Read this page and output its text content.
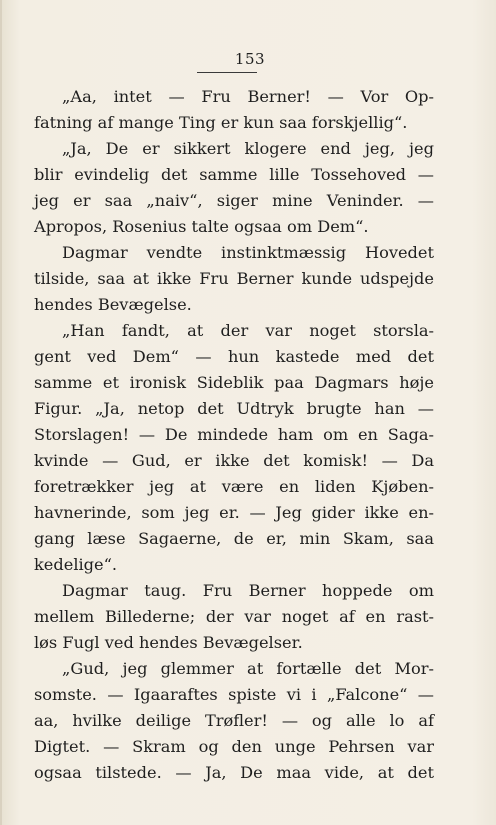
153
„Aa, intet — Fru Berner! — Vor Op-
fatning af mange Ting er kun saa forskjellig“.
„Ja, De er sikkert klogere end jeg, jeg
blir evindelig det samme lille Tossehoved —
jeg er saa „naiv“, siger mine Veninder. —
Apropos, Rosenius talte ogsaa om Dem“.
Dagmar vendte instinktmæssig Hovedet
tilside, saa at ikke Fru Berner kunde udspejde
hendes Bevægelse.
„Han fandt, at der var noget storsla-
gent ved Dem“ — hun kastede med det
samme et ironisk Sideblik paa Dagmars høje
Figur. „Ja, netop det Udtryk brugte han —
Storslagen! — De mindede ham om en Saga-
kvinde — Gud, er ikke det komisk! — Da
foretrækker jeg at være en liden Kjøben-
havnerinde, som jeg er. — Jeg gider ikke en-
gang læse Sagaerne, de er, min Skam, saa
kedelige“.
Dagmar taug. Fru Berner hoppede om
mellem Billederne; der var noget af en rast-
løs Fugl ved hendes Bevægelser.
„Gud, jeg glemmer at fortælle det Mor-
somste. — Igaaraftes spiste vi i „Falcone“ —
aa, hvilke deilige Trøfler! — og alle lo af
Digtet. — Skram og den unge Pehrsen var
ogsaa tilstede. — Ja, De maa vide, at det
